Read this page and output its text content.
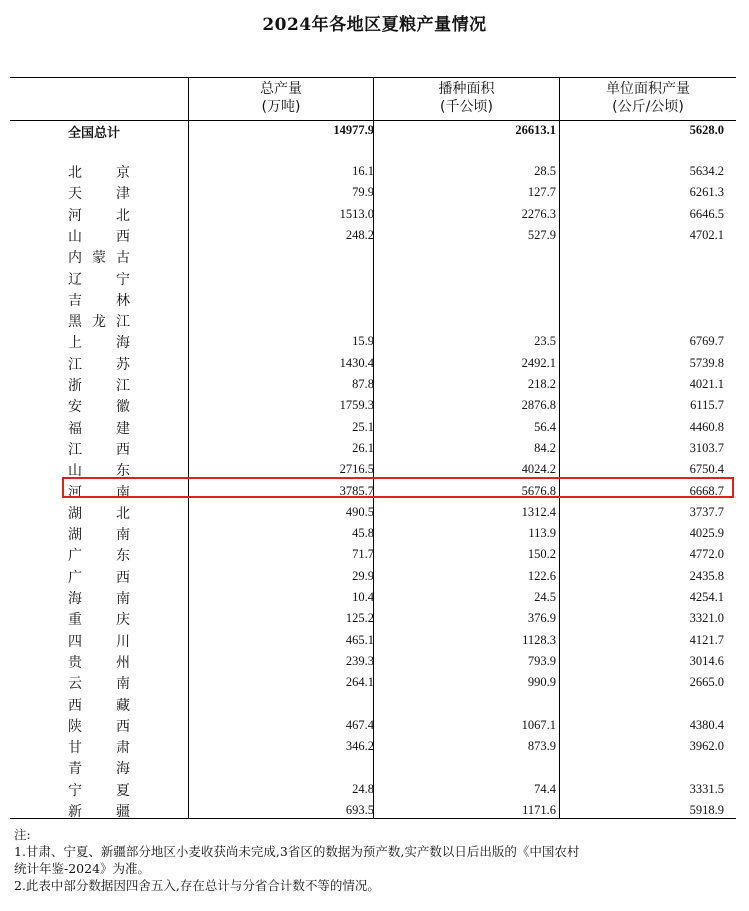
2024年各地区夏粮产量情况
总产量
(万吨)
播种面积
(千公顷)
单位面积产量
(公斤/公顷)
全国总计	14977.9	26613.1	5628.0
北 京	16.1	28.5	5634.2
天 津	79.9	127.7	6261.3
河 北	1513.0	2276.3	6646.5
山 西	248.2	527.9	4702.1
内 蒙 古
辽 宁
吉 林
黑 龙 江
上 海	15.9	23.5	6769.7
江 苏	1430.4	2492.1	5739.8
浙 江	87.8	218.2	4021.1
安 徽	1759.3	2876.8	6115.7
福 建	25.1	56.4	4460.8
江 西	26.1	84.2	3103.7
山 东	2716.5	4024.2	6750.4
河 南	3785.7	5676.8	6668.7
湖 北	490.5	1312.4	3737.7
湖 南	45.8	113.9	4025.9
广 东	71.7	150.2	4772.0
广 西	29.9	122.6	2435.8
海 南	10.4	24.5	4254.1
重 庆	125.2	376.9	3321.0
四 川	465.1	1128.3	4121.7
贵 州	239.3	793.9	3014.6
云 南	264.1	990.9	2665.0
西 藏
陕 西	467.4	1067.1	4380.4
甘 肃	346.2	873.9	3962.0
青 海
宁 夏	24.8	74.4	3331.5
新 疆	693.5	1171.6	5918.9
注:
1.甘肃、宁夏、新疆部分地区小麦收获尚未完成,3省区的数据为预产数,实产数以日后出版的《中国农村
统计年鉴-2024》为准。
2.此表中部分数据因四舍五入,存在总计与分省合计数不等的情况。
